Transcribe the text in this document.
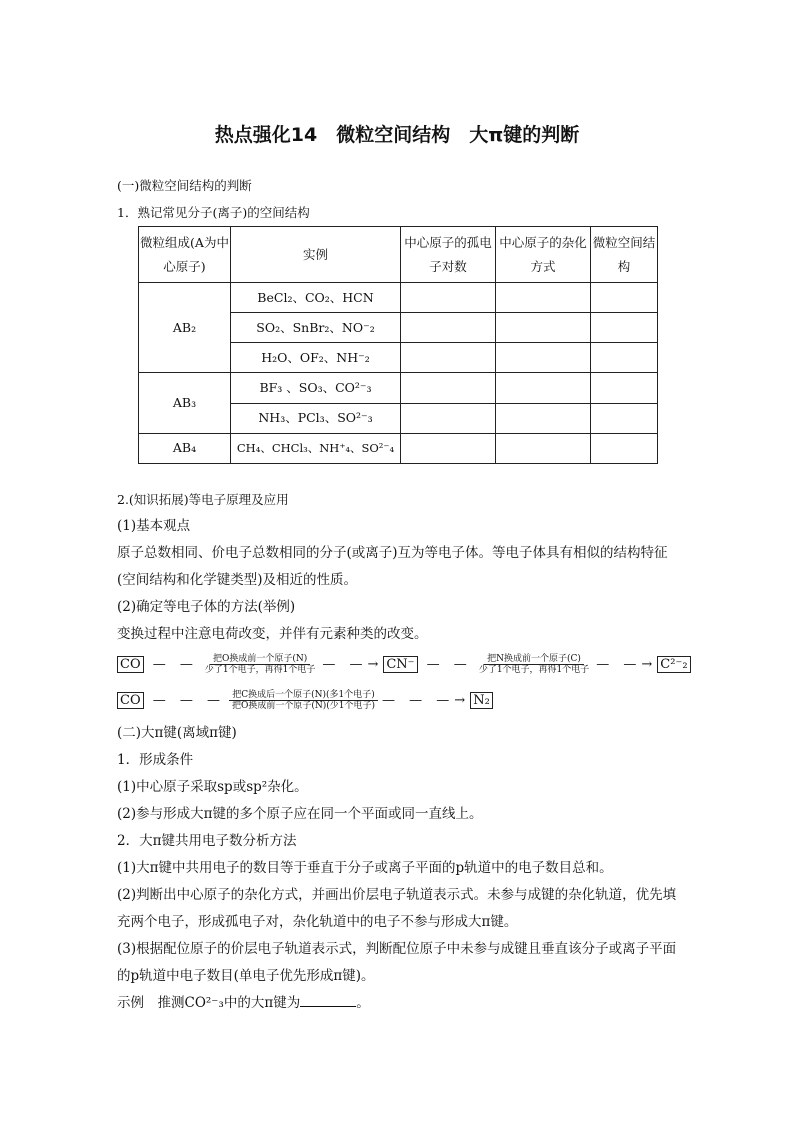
热点强化14　微粒空间结构　大π键的判断
(一)微粒空间结构的判断
1．熟记常见分子(离子)的空间结构
微粒组成(A为中心原子)	实例	中心原子的孤电子对数	中心原子的杂化方式	微粒空间结构
AB₂	BeCl₂、CO₂、HCN			
	SO₂、SnBr₂、NO⁻₂			
	H₂O、OF₂、NH⁻₂			
AB₃	BF₃ 、SO₃、CO²⁻₃			
	NH₃、PCl₃、SO²⁻₃			
AB₄	CH₄、CHCl₃、NH⁺₄、SO²⁻₄			
2.(知识拓展)等电子原理及应用
(1)基本观点
原子总数相同、价电子总数相同的分子(或离子)互为等电子体。等电子体具有相似的结构特征(空间结构和化学键类型)及相近的性质。
(2)确定等电子体的方法(举例)
变换过程中注意电荷改变，并伴有元素种类的改变。
CO — —	把O换成前一个原子(N)
少了1个电子，再得1个电子 — —→ CN⁻ — —	把N换成前一个原子(C)
少了1个电子，再得1个电子 — —→ C²⁻₂
CO — — — 把C换成后一个原子(N)(多1个电子)
把O换成前一个原子(N)(少1个电子) — — —→ N₂
(二)大π键(离域π键)
1．形成条件
(1)中心原子采取sp或sp²杂化。
(2)参与形成大π键的多个原子应在同一个平面或同一直线上。
2．大π键共用电子数分析方法
(1)大π键中共用电子的数目等于垂直于分子或离子平面的p轨道中的电子数目总和。
(2)判断出中心原子的杂化方式，并画出价层电子轨道表示式。未参与成键的杂化轨道，优先填充两个电子，形成孤电子对，杂化轨道中的电子不参与形成大π键。
(3)根据配位原子的价层电子轨道表示式，判断配位原子中未参与成键且垂直该分子或离子平面的p轨道中电子数目(单电子优先形成π键)。
示例　推测CO²⁻₃中的大π键为	。
